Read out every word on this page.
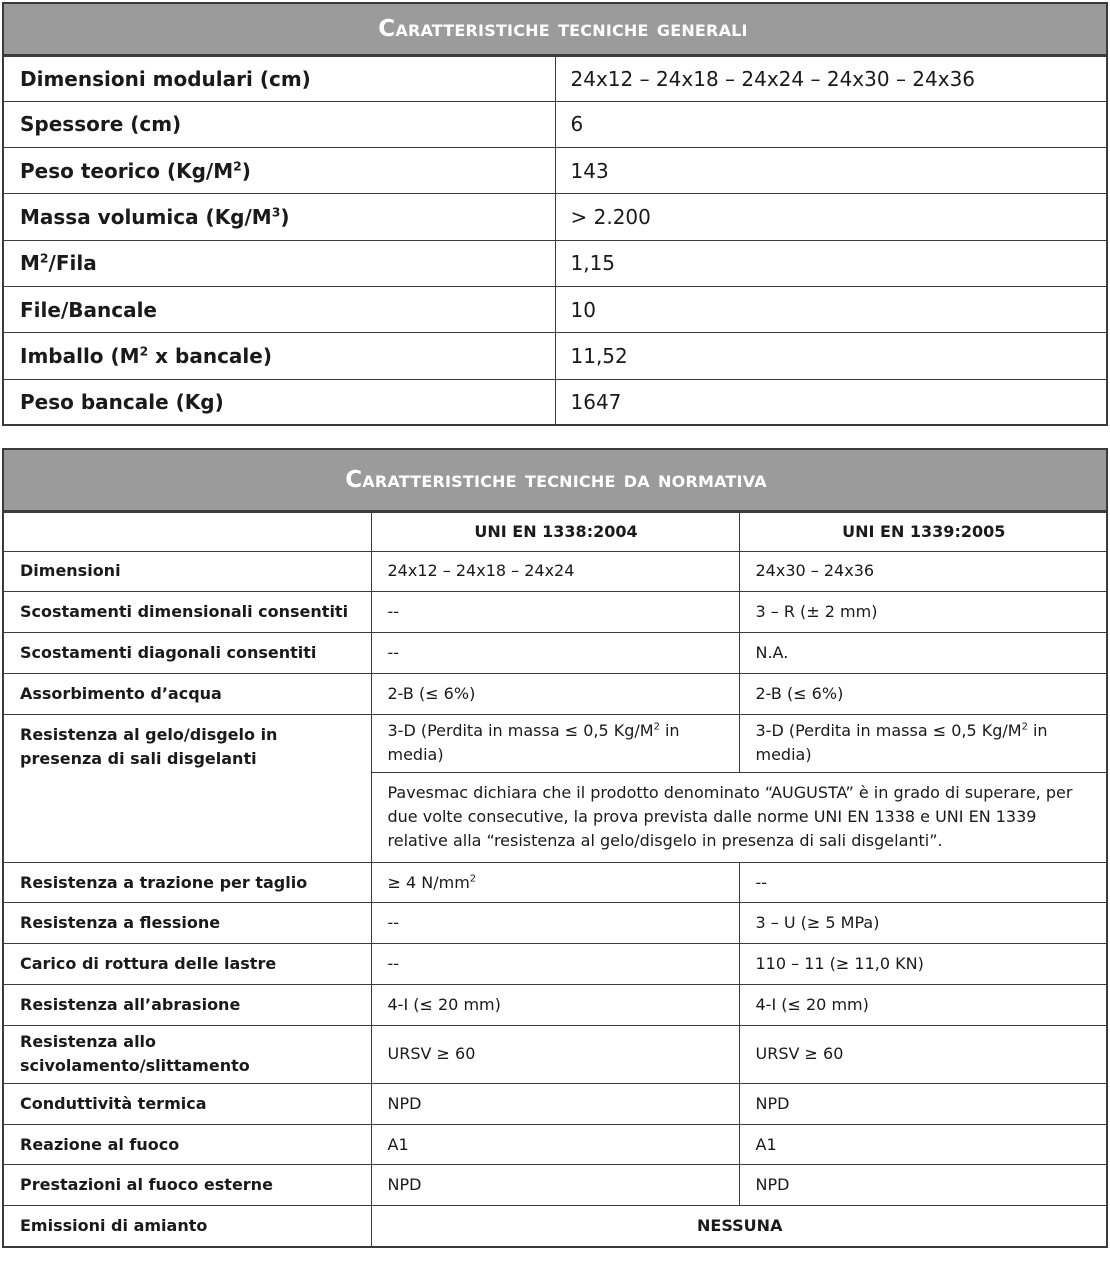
Caratteristiche tecniche generali	
Dimensioni modulari (cm)	24x12 – 24x18 – 24x24 – 24x30 – 24x36
Spessore (cm)	6
Peso teorico $(Kg/M^2)$	143
Massa volumica $(Kg/M^3)$	> 2.200
$M^2$/Fila	1,15
File/Bancale	10
Imballo ($M^2$ x bancale)	11,52
Peso bancale (Kg)	1647
Caratteristiche tecniche da normativa		
	UNI EN 1338:2004	UNI EN 1339:2005
Dimensioni	24x12 – 24x18 – 24x24	24x30 – 24x36
Scostamenti dimensionali consentiti	--	3 – R (± 2 mm)
Scostamenti diagonali consentiti	--	N.A.
Assorbimento d’acqua	2-B (≤ 6%)	2-B (≤ 6%)
Resistenza al gelo/disgelo in presenza di sali disgelanti	3-D (Perdita in massa ≤ 0,5 $Kg/M^2$ in media)	3-D (Perdita in massa ≤ 0,5 $Kg/M^2$ in media)
	Pavesmac dichiara che il prodotto denominato “AUGUSTA” è in grado di superare, per due volte consecutive, la prova prevista dalle norme UNI EN 1338 e UNI EN 1339 relative alla “resistenza al gelo/disgelo in presenza di sali disgelanti”.	
Resistenza a trazione per taglio	≥ 4 $N/mm^2$	--
Resistenza a flessione	--	3 – U (≥ 5 MPa)
Carico di rottura delle lastre	--	110 – 11 (≥ 11,0 KN)
Resistenza all’abrasione	4-I (≤ 20 mm)	4-I (≤ 20 mm)
Resistenza allo scivolamento/slittamento	URSV ≥ 60	URSV ≥ 60
Conduttività termica	NPD	NPD
Reazione al fuoco	A1	A1
Prestazioni al fuoco esterne	NPD	NPD
Emissioni di amianto	NESSUNA	
